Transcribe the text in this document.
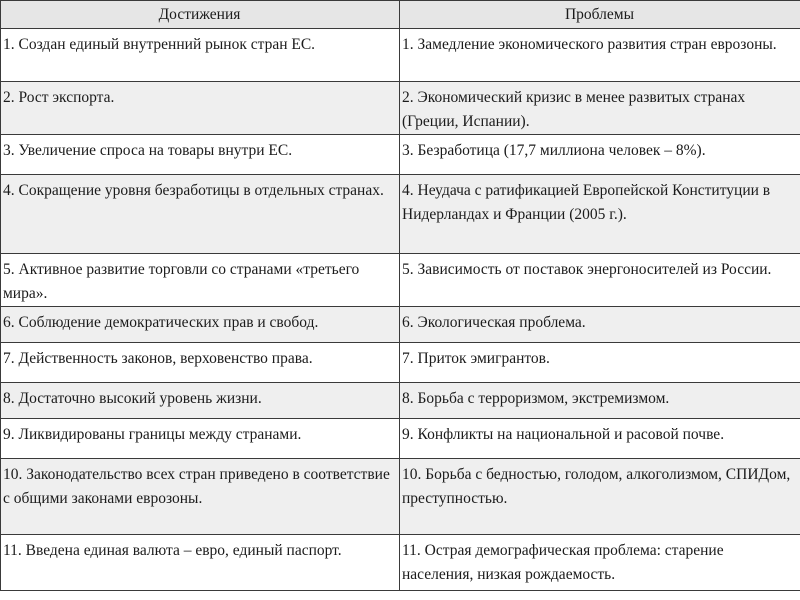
Достижения	Проблемы
1. Создан единый внутренний рынок стран ЕС.	1. Замедление экономического развития стран еврозоны.
2. Рост экспорта.	2. Экономический кризис в менее развитых странах (Греции, Испании).
3. Увеличение спроса на товары внутри ЕС.	3. Безработица (17,7 миллиона человек – 8%).
4. Сокращение уровня безработицы в отдельных странах.	4. Неудача с ратификацией Европейской Конституции в Нидерландах и Франции (2005 г.).
5. Активное развитие торговли со странами «третьего мира».	5. Зависимость от поставок энергоносителей из России.
6. Соблюдение демократических прав и свобод.	6. Экологическая проблема.
7. Действенность законов, верховенство права.	7. Приток эмигрантов.
8. Достаточно высокий уровень жизни.	8. Борьба с терроризмом, экстремизмом.
9. Ликвидированы границы между странами.	9. Конфликты на национальной и расовой почве.
10. Законодательство всех стран приведено в соответствие с общими законами еврозоны.	10. Борьба с бедностью, голодом, алкоголизмом, СПИДом, преступностью.
11. Введена единая валюта – евро, единый паспорт.	11. Острая демографическая проблема: старение населения, низкая рождаемость.
